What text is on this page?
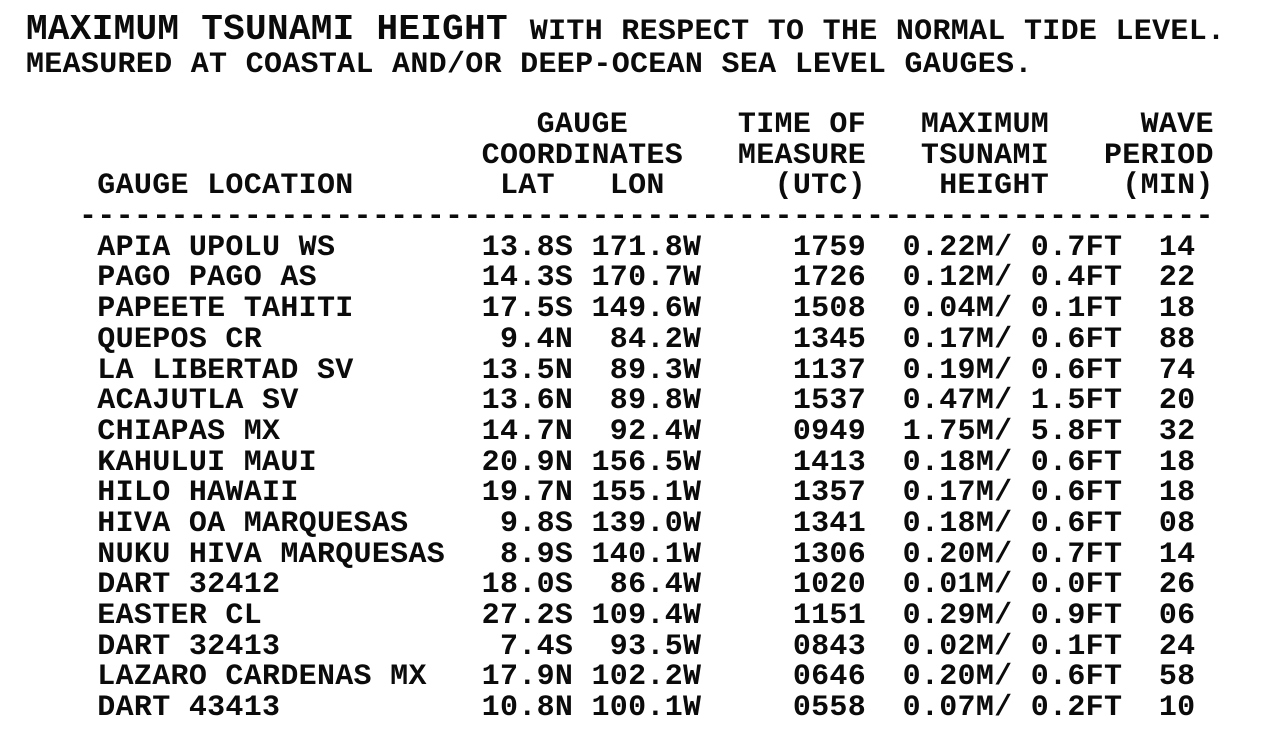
MAXIMUM TSUNAMI HEIGHT WITH RESPECT TO THE NORMAL TIDE LEVEL.
MEASURED AT COASTAL AND/OR DEEP-OCEAN SEA LEVEL GAUGES.
GAUGE      TIME OF   MAXIMUM     WAVE
COORDINATES   MEASURE   TSUNAMI   PERIOD
GAUGE LOCATION        LAT   LON      (UTC)    HEIGHT    (MIN)
--------------------------------------------------------------
APIA UPOLU WS        13.8S 171.8W     1759  0.22M/ 0.7FT  14
PAGO PAGO AS         14.3S 170.7W     1726  0.12M/ 0.4FT  22
PAPEETE TAHITI       17.5S 149.6W     1508  0.04M/ 0.1FT  18
QUEPOS CR             9.4N  84.2W     1345  0.17M/ 0.6FT  88
LA LIBERTAD SV       13.5N  89.3W     1137  0.19M/ 0.6FT  74
ACAJUTLA SV          13.6N  89.8W     1537  0.47M/ 1.5FT  20
CHIAPAS MX           14.7N  92.4W     0949  1.75M/ 5.8FT  32
KAHULUI MAUI         20.9N 156.5W     1413  0.18M/ 0.6FT  18
HILO HAWAII          19.7N 155.1W     1357  0.17M/ 0.6FT  18
HIVA OA MARQUESAS     9.8S 139.0W     1341  0.18M/ 0.6FT  08
NUKU HIVA MARQUESAS   8.9S 140.1W     1306  0.20M/ 0.7FT  14
DART 32412           18.0S  86.4W     1020  0.01M/ 0.0FT  26
EASTER CL            27.2S 109.4W     1151  0.29M/ 0.9FT  06
DART 32413            7.4S  93.5W     0843  0.02M/ 0.1FT  24
LAZARO CARDENAS MX   17.9N 102.2W     0646  0.20M/ 0.6FT  58
DART 43413           10.8N 100.1W     0558  0.07M/ 0.2FT  10
